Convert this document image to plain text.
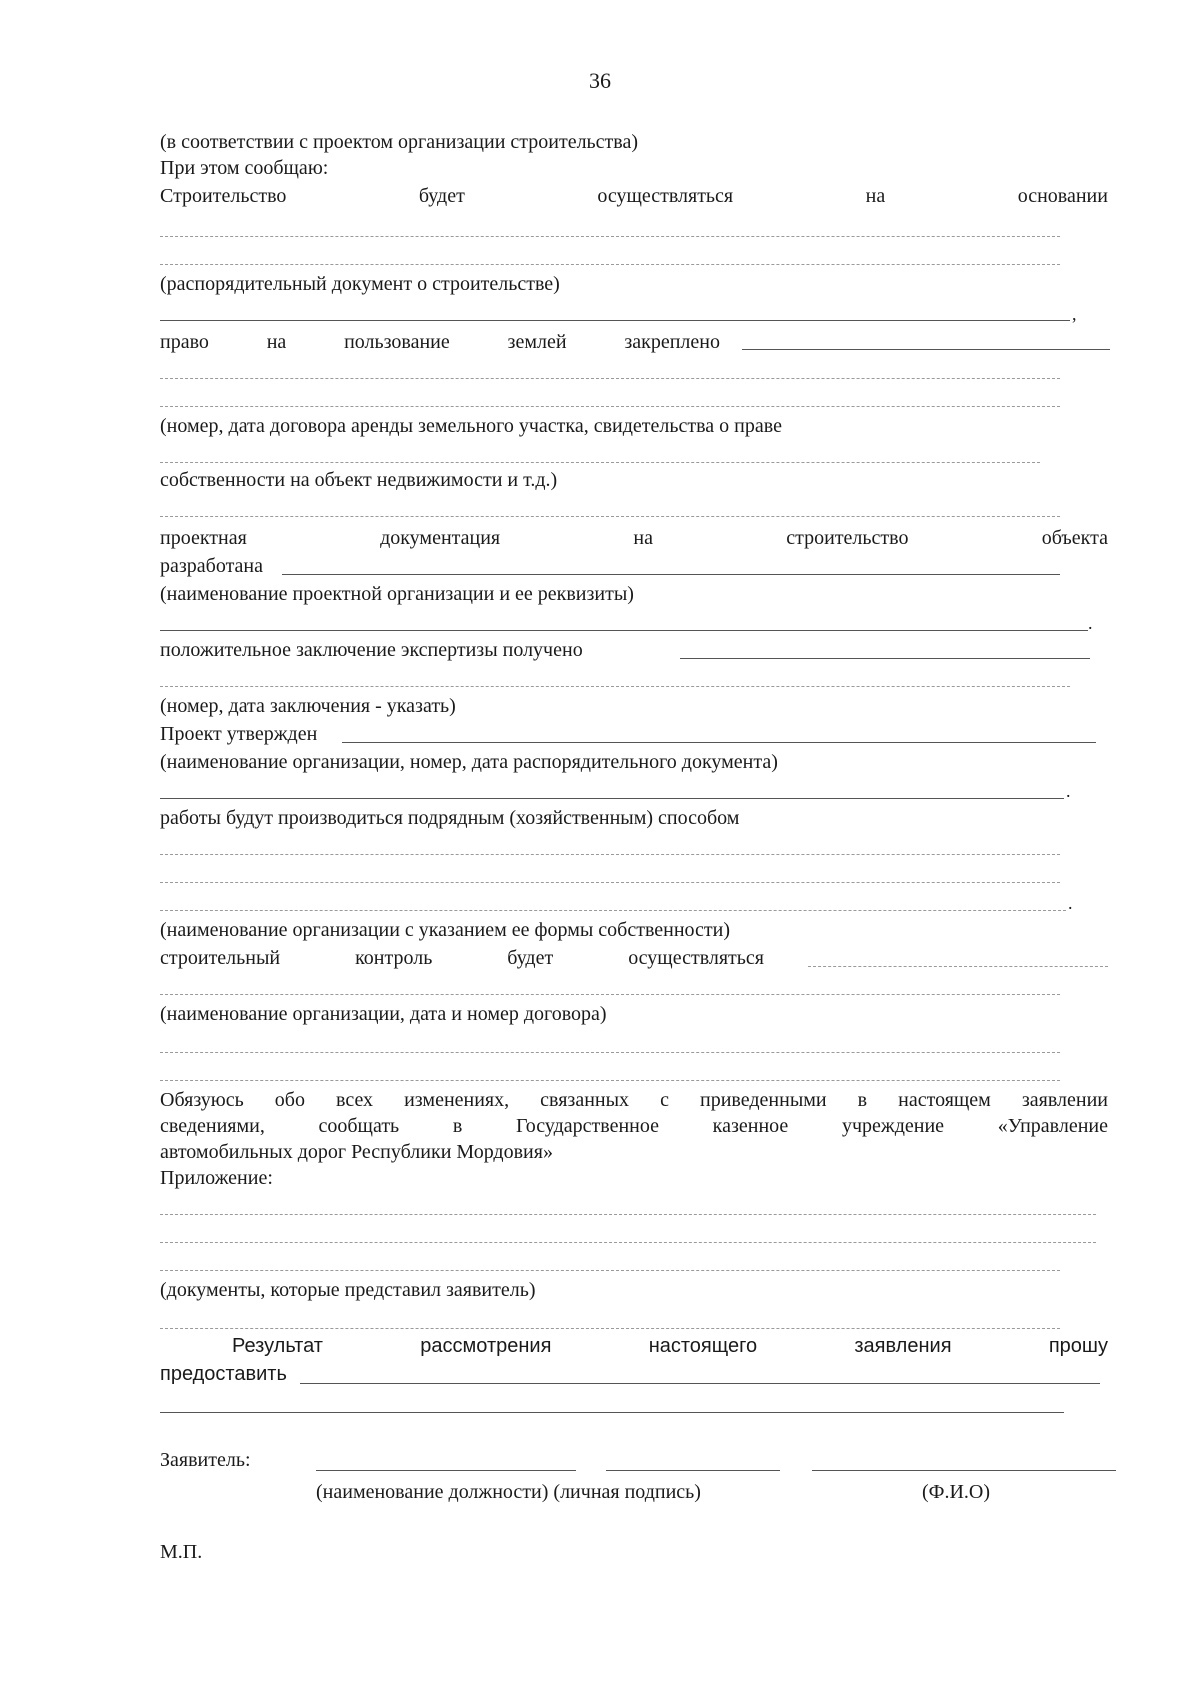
36
(в соответствии с проектом организации строительства)
При этом сообщаю:
Строительство	будет	осуществляться	на	основании
(распорядительный документ о строительстве)
,
право	на	пользование	землей	закреплено
(номер, дата договора аренды земельного участка, свидетельства о праве
собственности на объект недвижимости и т.д.)
проектная	документация	на	строительство	объекта
разработана
(наименование проектной организации и ее реквизиты)
.
положительное заключение экспертизы получено
(номер, дата заключения - указать)
Проект утвержден
(наименование организации, номер, дата распорядительного документа)
.
работы будут производиться подрядным (хозяйственным) способом
.
(наименование организации с указанием ее формы собственности)
строительный	контроль	будет	осуществляться
(наименование организации, дата и номер договора)
Обязуюсь обо всех изменениях, связанных с приведенными в настоящем заявлении
сведениями,	сообщать	в	Государственное	казенное	учреждение	«Управление
автомобильных дорог Республики Мордовия»
Приложение:
(документы, которые представил заявитель)
Результат	рассмотрения	настоящего	заявления	прошу
предоставить
Заявитель:
(наименование должности) (личная подпись)	(Ф.И.О)
М.П.
